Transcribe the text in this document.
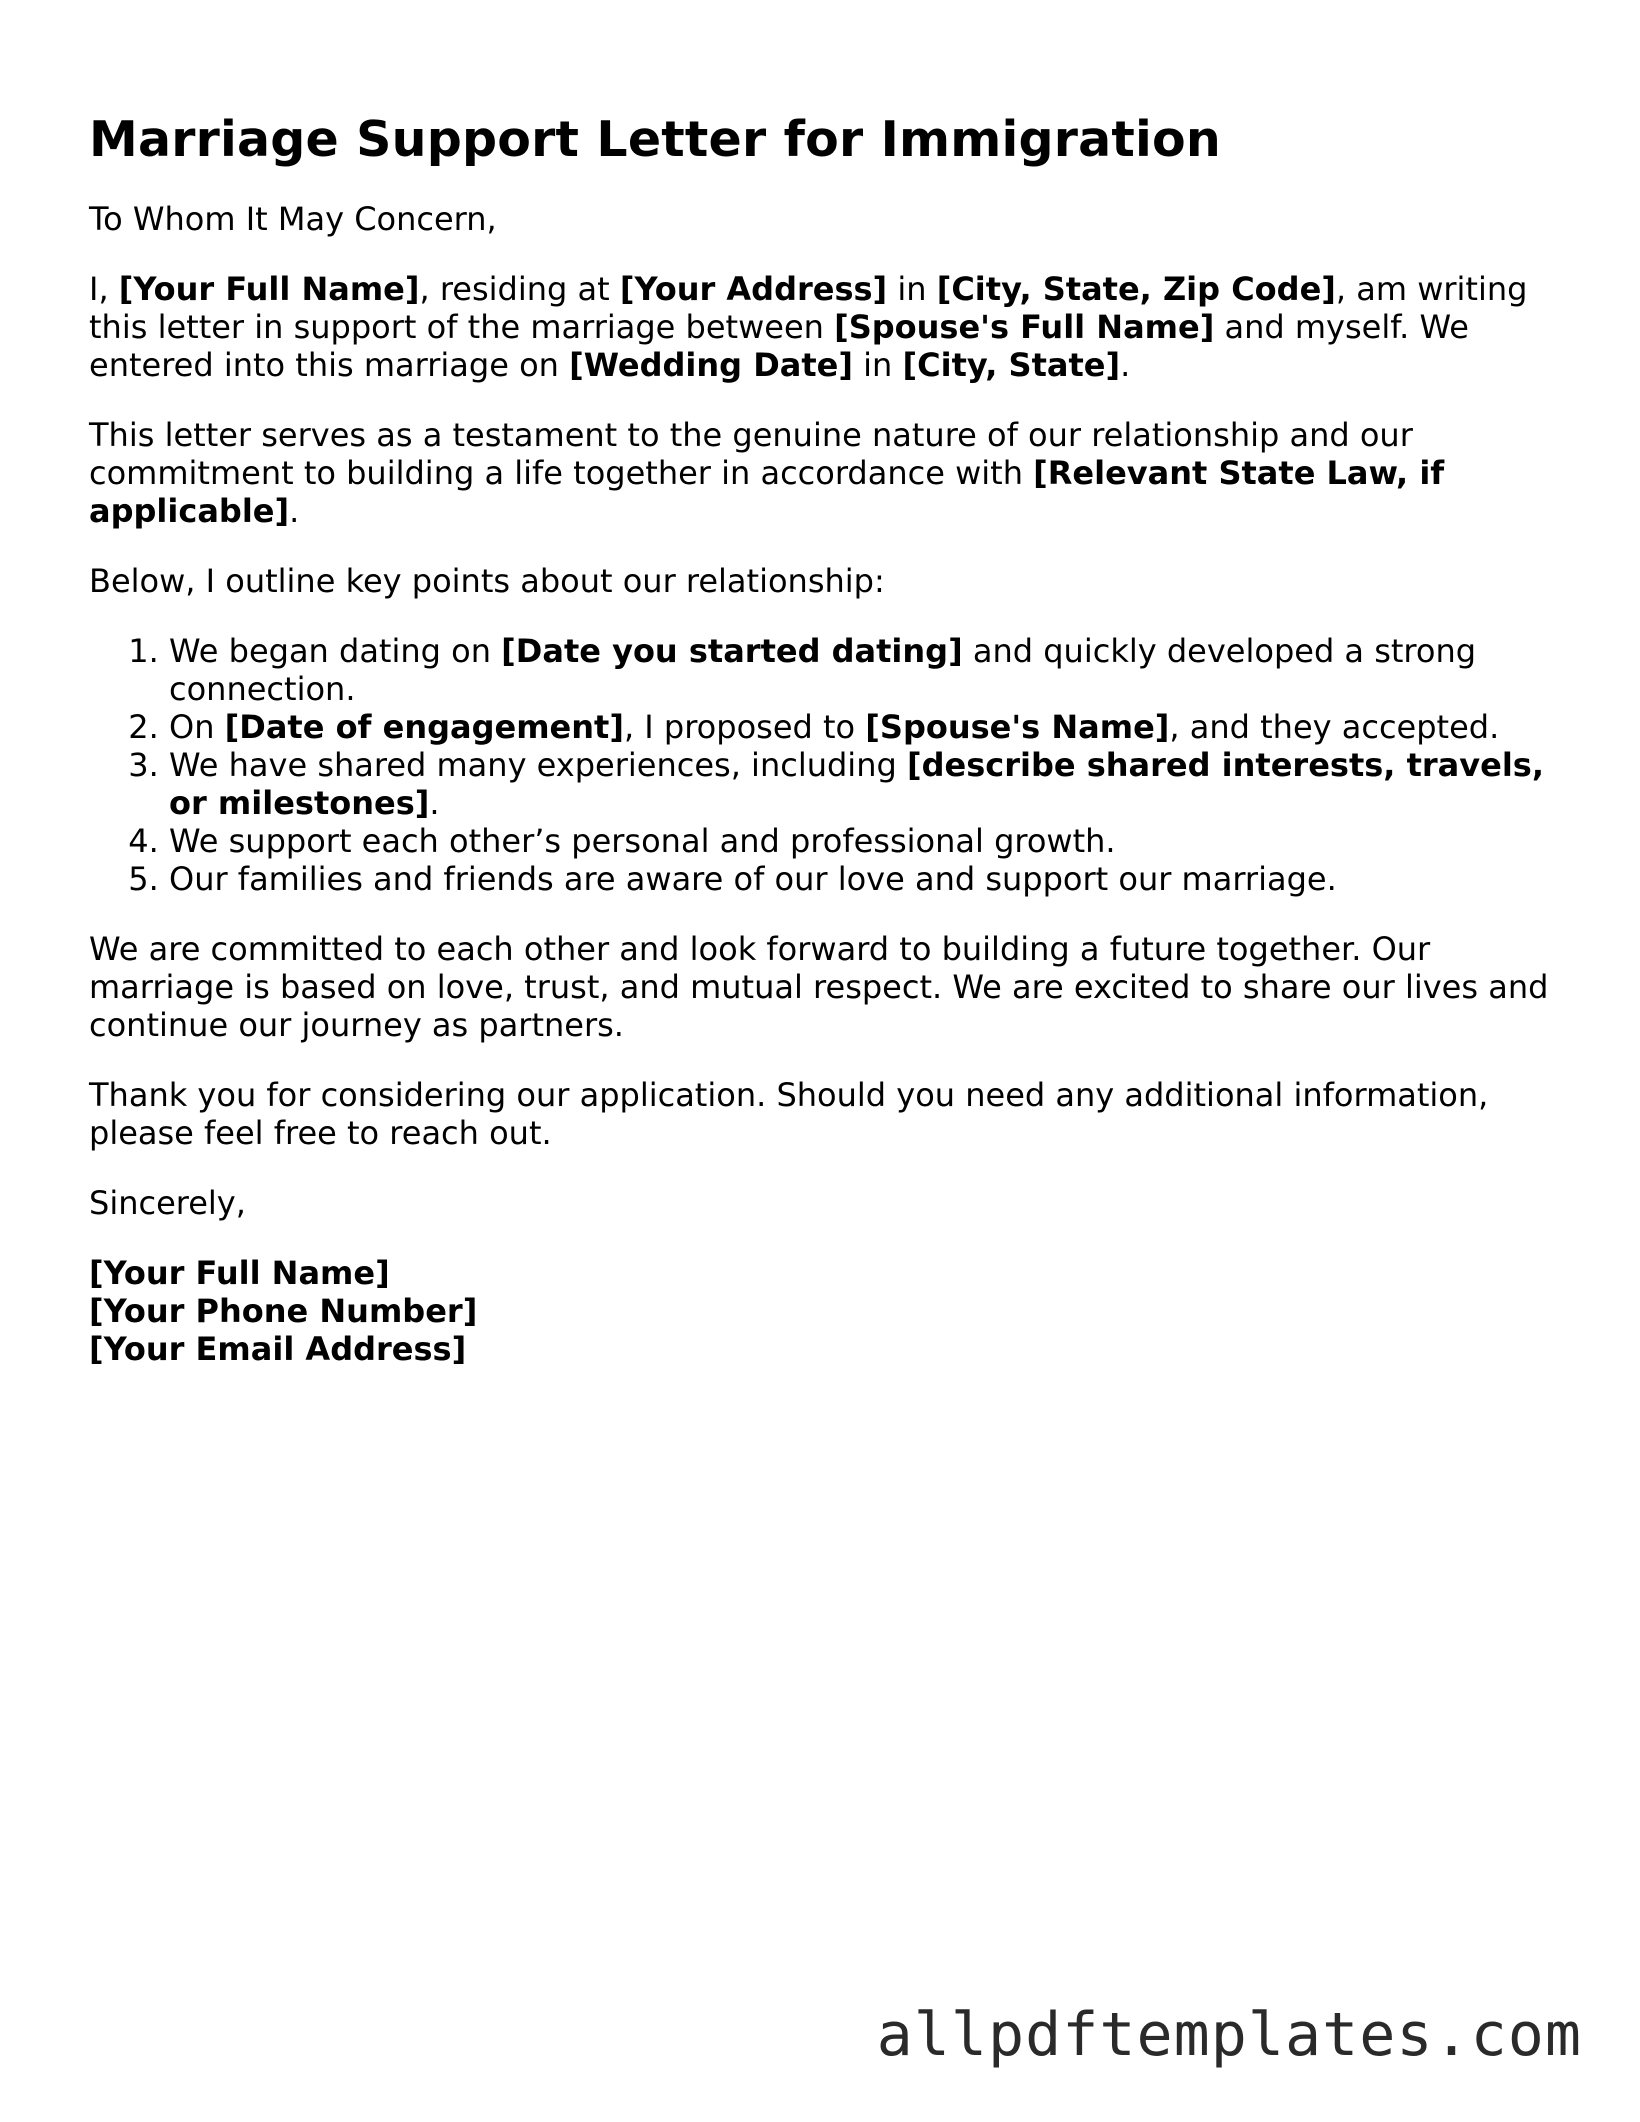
Marriage Support Letter for Immigration

To Whom It May Concern,

I, [Your Full Name], residing at [Your Address] in [City, State, Zip Code], am writing this letter in support of the marriage between [Spouse's Full Name] and myself. We entered into this marriage on [Wedding Date] in [City, State].

This letter serves as a testament to the genuine nature of our relationship and our commitment to building a life together in accordance with [Relevant State Law, if applicable].

Below, I outline key points about our relationship:

1. We began dating on [Date you started dating] and quickly developed a strong connection.
2. On [Date of engagement], I proposed to [Spouse's Name], and they accepted.
3. We have shared many experiences, including [describe shared interests, travels, or milestones].
4. We support each other’s personal and professional growth.
5. Our families and friends are aware of our love and support our marriage.

We are committed to each other and look forward to building a future together. Our marriage is based on love, trust, and mutual respect. We are excited to share our lives and continue our journey as partners.

Thank you for considering our application. Should you need any additional information, please feel free to reach out.

Sincerely,

[Your Full Name]
[Your Phone Number]
[Your Email Address]
allpdftemplates.com
